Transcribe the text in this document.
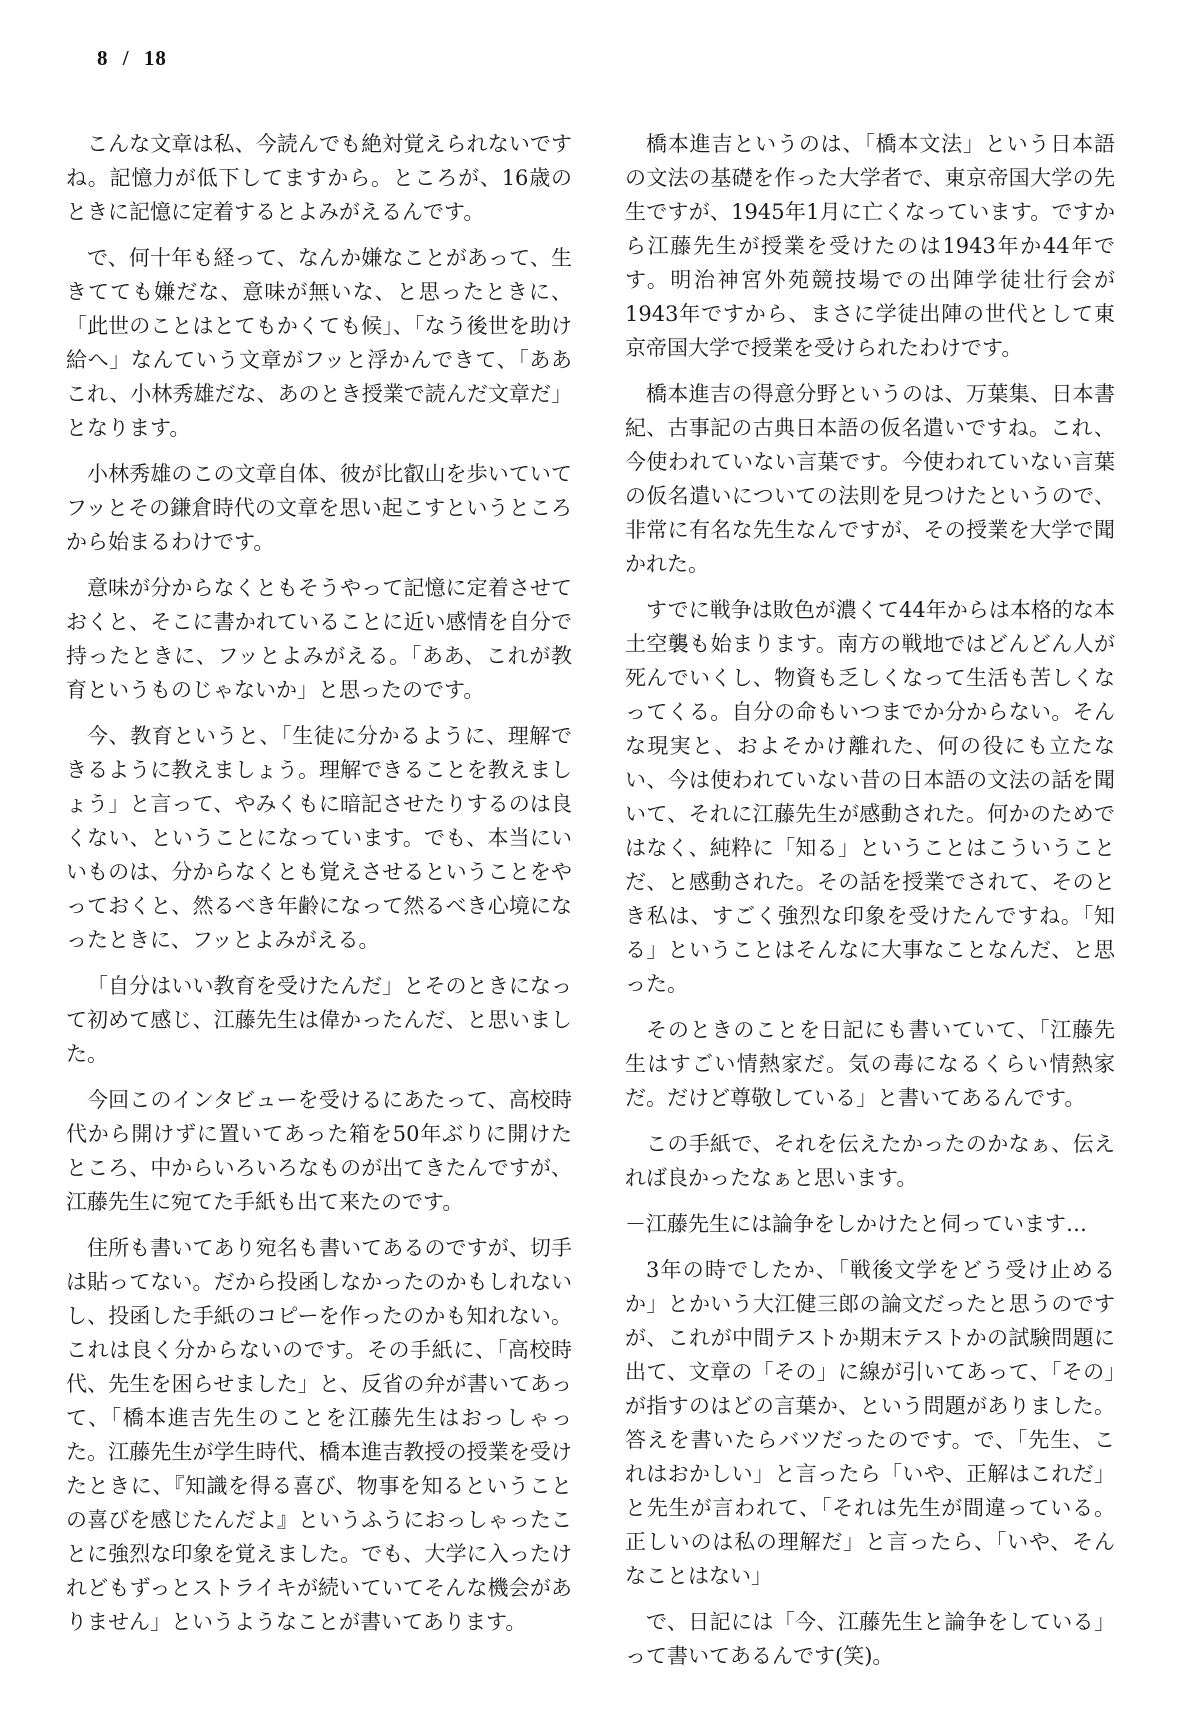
8 / 18

こんな文章は私、今読んでも絶対覚えられないですね。記憶力が低下してますから。ところが、16歳のときに記憶に定着するとよみがえるんです。

で、何十年も経って、なんか嫌なことがあって、生きてても嫌だな、意味が無いな、と思ったときに、「此世のことはとてもかくても候」、「なう後世を助け給へ」なんていう文章がフッと浮かんできて、「ああこれ、小林秀雄だな、あのとき授業で読んだ文章だ」となります。

小林秀雄のこの文章自体、彼が比叡山を歩いていてフッとその鎌倉時代の文章を思い起こすというところから始まるわけです。

意味が分からなくともそうやって記憶に定着させておくと、そこに書かれていることに近い感情を自分で持ったときに、フッとよみがえる。「ああ、これが教育というものじゃないか」と思ったのです。

今、教育というと、「生徒に分かるように、理解できるように教えましょう。理解できることを教えましょう」と言って、やみくもに暗記させたりするのは良くない、ということになっています。でも、本当にいいものは、分からなくとも覚えさせるということをやっておくと、然るべき年齢になって然るべき心境になったときに、フッとよみがえる。

「自分はいい教育を受けたんだ」とそのときになって初めて感じ、江藤先生は偉かったんだ、と思いました。

今回このインタビューを受けるにあたって、高校時代から開けずに置いてあった箱を50年ぶりに開けたところ、中からいろいろなものが出てきたんですが、江藤先生に宛てた手紙も出て来たのです。

住所も書いてあり宛名も書いてあるのですが、切手は貼ってない。だから投函しなかったのかもしれないし、投函した手紙のコピーを作ったのかも知れない。これは良く分からないのです。その手紙に、「高校時代、先生を困らせました」と、反省の弁が書いてあって、「橋本進吉先生のことを江藤先生はおっしゃった。江藤先生が学生時代、橋本進吉教授の授業を受けたときに、『知識を得る喜び、物事を知るということの喜びを感じたんだよ』というふうにおっしゃったことに強烈な印象を覚えました。でも、大学に入ったけれどもずっとストライキが続いていてそんな機会がありません」というようなことが書いてあります。

橋本進吉というのは、「橋本文法」という日本語の文法の基礎を作った大学者で、東京帝国大学の先生ですが、1945年1月に亡くなっています。ですから江藤先生が授業を受けたのは1943年か44年です。明治神宮外苑競技場での出陣学徒壮行会が1943年ですから、まさに学徒出陣の世代として東京帝国大学で授業を受けられたわけです。

橋本進吉の得意分野というのは、万葉集、日本書紀、古事記の古典日本語の仮名遣いですね。これ、今使われていない言葉です。今使われていない言葉の仮名遣いについての法則を見つけたというので、非常に有名な先生なんですが、その授業を大学で聞かれた。

すでに戦争は敗色が濃くて44年からは本格的な本土空襲も始まります。南方の戦地ではどんどん人が死んでいくし、物資も乏しくなって生活も苦しくなってくる。自分の命もいつまでか分からない。そんな現実と、およそかけ離れた、何の役にも立たない、今は使われていない昔の日本語の文法の話を聞いて、それに江藤先生が感動された。何かのためではなく、純粋に「知る」ということはこういうことだ、と感動された。その話を授業でされて、そのとき私は、すごく強烈な印象を受けたんですね。「知る」ということはそんなに大事なことなんだ、と思った。

そのときのことを日記にも書いていて、「江藤先生はすごい情熱家だ。気の毒になるくらい情熱家だ。だけど尊敬している」と書いてあるんです。

この手紙で、それを伝えたかったのかなぁ、伝えれば良かったなぁと思います。

－江藤先生には論争をしかけたと伺っています…

3年の時でしたか、「戦後文学をどう受け止めるか」とかいう大江健三郎の論文だったと思うのですが、これが中間テストか期末テストかの試験問題に出て、文章の「その」に線が引いてあって、「その」が指すのはどの言葉か、という問題がありました。答えを書いたらバツだったのです。で、「先生、これはおかしい」と言ったら「いや、正解はこれだ」と先生が言われて、「それは先生が間違っている。正しいのは私の理解だ」と言ったら、「いや、そんなことはない」

で、日記には「今、江藤先生と論争をしている」って書いてあるんです(笑)。
